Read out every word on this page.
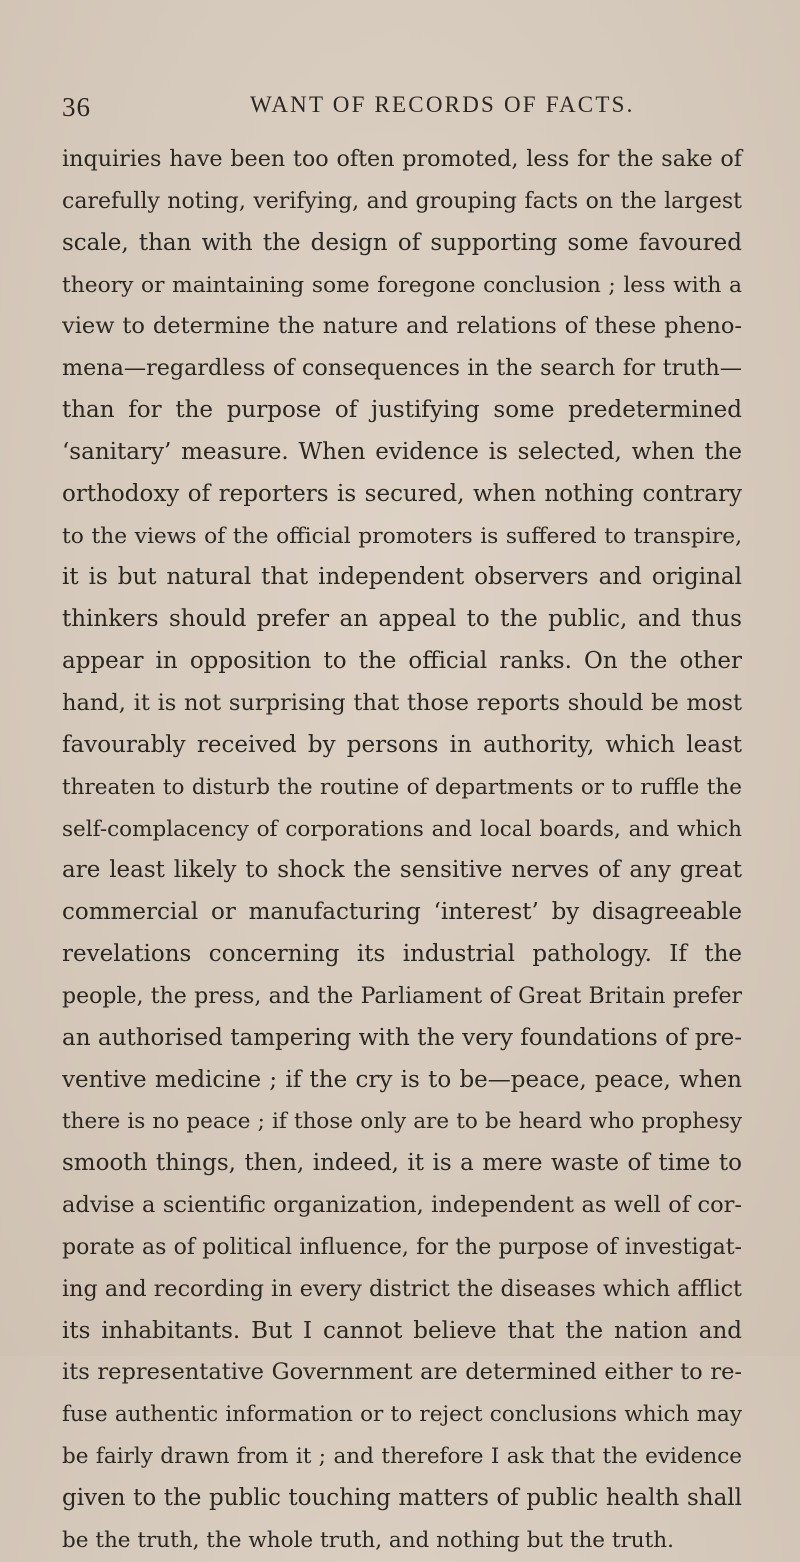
36	WANT OF RECORDS OF FACTS.
inquiries have been too often promoted, less for the sake of
carefully noting, verifying, and grouping facts on the largest
scale, than with the design of supporting some favoured
theory or maintaining some foregone conclusion ; less with a
view to determine the nature and relations of these pheno-
mena—regardless of consequences in the search for truth—
than for the purpose of justifying some predetermined
‘sanitary’ measure. When evidence is selected, when the
orthodoxy of reporters is secured, when nothing contrary
to the views of the official promoters is suffered to transpire,
it is but natural that independent observers and original
thinkers should prefer an appeal to the public, and thus
appear in opposition to the official ranks. On the other
hand, it is not surprising that those reports should be most
favourably received by persons in authority, which least
threaten to disturb the routine of departments or to ruffle the
self-complacency of corporations and local boards, and which
are least likely to shock the sensitive nerves of any great
commercial or manufacturing ‘interest’ by disagreeable
revelations concerning its industrial pathology. If the
people, the press, and the Parliament of Great Britain prefer
an authorised tampering with the very foundations of pre-
ventive medicine ; if the cry is to be—peace, peace, when
there is no peace ; if those only are to be heard who prophesy
smooth things, then, indeed, it is a mere waste of time to
advise a scientific organization, independent as well of cor-
porate as of political influence, for the purpose of investigat-
ing and recording in every district the diseases which afflict
its inhabitants. But I cannot believe that the nation and
its representative Government are determined either to re-
fuse authentic information or to reject conclusions which may
be fairly drawn from it ; and therefore I ask that the evidence
given to the public touching matters of public health shall
be the truth, the whole truth, and nothing but the truth.
